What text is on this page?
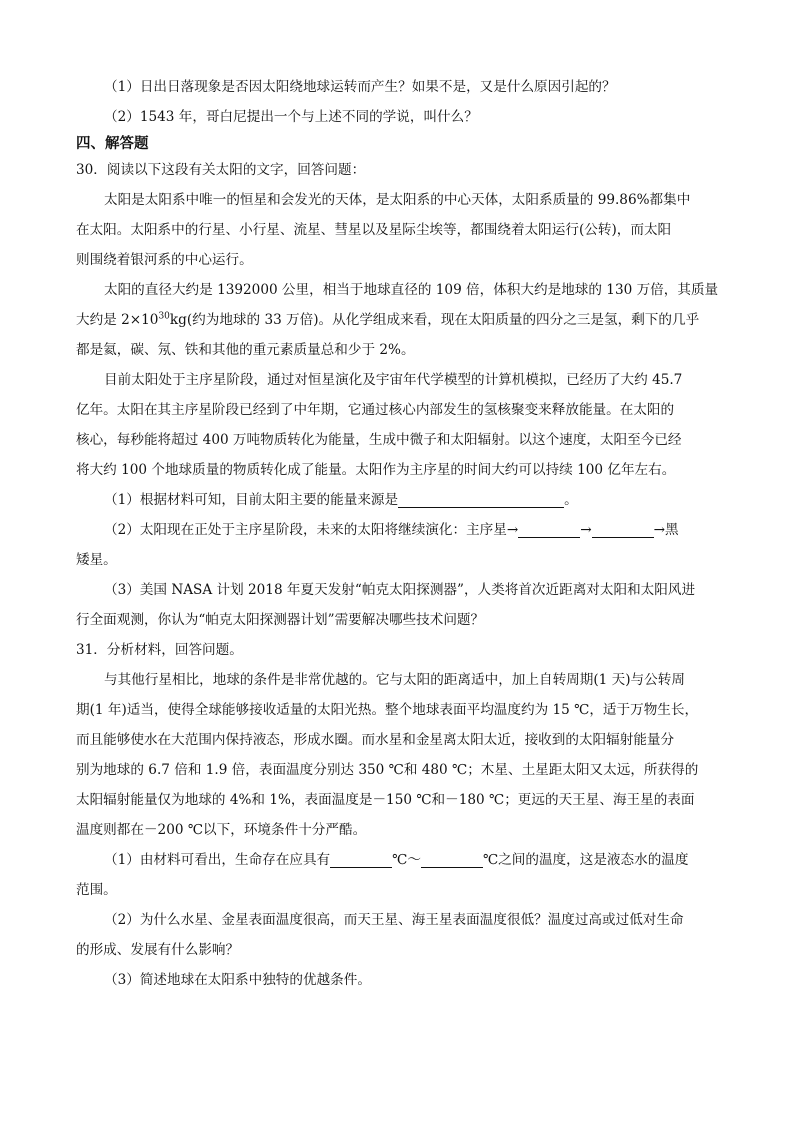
（1）日出日落现象是否因太阳绕地球运转而产生？如果不是，又是什么原因引起的？
（2）1543 年，哥白尼提出一个与上述不同的学说，叫什么？
四、解答题
30．阅读以下这段有关太阳的文字，回答问题：
太阳是太阳系中唯一的恒星和会发光的天体，是太阳系的中心天体，太阳系质量的 99.86%都集中
在太阳。太阳系中的行星、小行星、流星、彗星以及星际尘埃等，都围绕着太阳运行(公转)，而太阳
则围绕着银河系的中心运行。
太阳的直径大约是 1392000 公里，相当于地球直径的 109 倍，体积大约是地球的 130 万倍，其质量
大约是 $2\times 10^{30}kg$(约为地球的 33 万倍)。从化学组成来看，现在太阳质量的四分之三是氢，剩下的几乎
都是氦，碳、氖、铁和其他的重元素质量总和少于 2%。
目前太阳处于主序星阶段，通过对恒星演化及宇宙年代学模型的计算机模拟，已经历了大约 45.7
亿年。太阳在其主序星阶段已经到了中年期，它通过核心内部发生的氢核聚变来释放能量。在太阳的
核心，每秒能将超过 400 万吨物质转化为能量，生成中微子和太阳辐射。以这个速度，太阳至今已经
将大约 100 个地球质量的物质转化成了能量。太阳作为主序星的时间大约可以持续 100 亿年左右。
（1）根据材料可知，目前太阳主要的能量来源是	。
（2）太阳现在正处于主序星阶段，未来的太阳将继续演化：主序星→	→	→黑
矮星。
（3）美国 NASA 计划 2018 年夏天发射“帕克太阳探测器”，人类将首次近距离对太阳和太阳风进
行全面观测，你认为“帕克太阳探测器计划”需要解决哪些技术问题？
31．分析材料，回答问题。
与其他行星相比，地球的条件是非常优越的。它与太阳的距离适中，加上自转周期(1 天)与公转周
期(1 年)适当，使得全球能够接收适量的太阳光热。整个地球表面平均温度约为 15 ℃，适于万物生长，
而且能够使水在大范围内保持液态，形成水圈。而水星和金星离太阳太近，接收到的太阳辐射能量分
别为地球的 6.7 倍和 1.9 倍，表面温度分别达 350 ℃和 480 ℃；木星、土星距太阳又太远，所获得的
太阳辐射能量仅为地球的 4%和 1%，表面温度是－150 ℃和－180 ℃；更远的天王星、海王星的表面
温度则都在－200 ℃以下，环境条件十分严酷。
（1）由材料可看出，生命存在应具有	℃～	℃之间的温度，这是液态水的温度
范围。
（2）为什么水星、金星表面温度很高，而天王星、海王星表面温度很低？温度过高或过低对生命
的形成、发展有什么影响？
（3）简述地球在太阳系中独特的优越条件。
